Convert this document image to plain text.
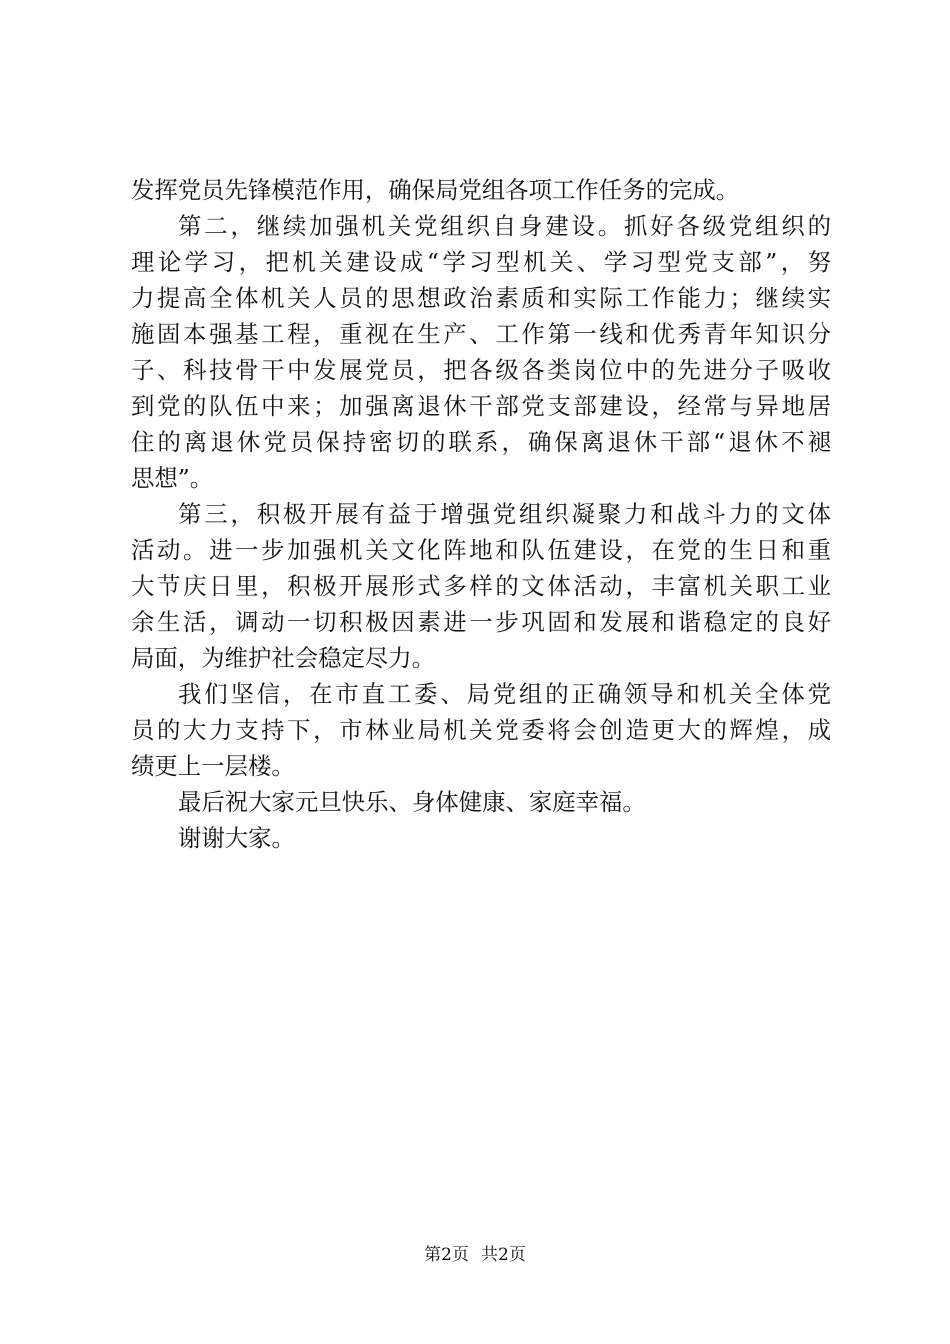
发挥党员先锋模范作用，确保局党组各项工作任务的完成。
第二，继续加强机关党组织自身建设。抓好各级党组织的
理论学习，把机关建设成“学习型机关、学习型党支部”，努
力提高全体机关人员的思想政治素质和实际工作能力；继续实
施固本强基工程，重视在生产、工作第一线和优秀青年知识分
子、科技骨干中发展党员，把各级各类岗位中的先进分子吸收
到党的队伍中来；加强离退休干部党支部建设，经常与异地居
住的离退休党员保持密切的联系，确保离退休干部“退休不褪
思想”。
第三，积极开展有益于增强党组织凝聚力和战斗力的文体
活动。进一步加强机关文化阵地和队伍建设，在党的生日和重
大节庆日里，积极开展形式多样的文体活动，丰富机关职工业
余生活，调动一切积极因素进一步巩固和发展和谐稳定的良好
局面，为维护社会稳定尽力。
我们坚信，在市直工委、局党组的正确领导和机关全体党
员的大力支持下，市林业局机关党委将会创造更大的辉煌，成
绩更上一层楼。
最后祝大家元旦快乐、身体健康、家庭幸福。
谢谢大家。
第2页 共2页
